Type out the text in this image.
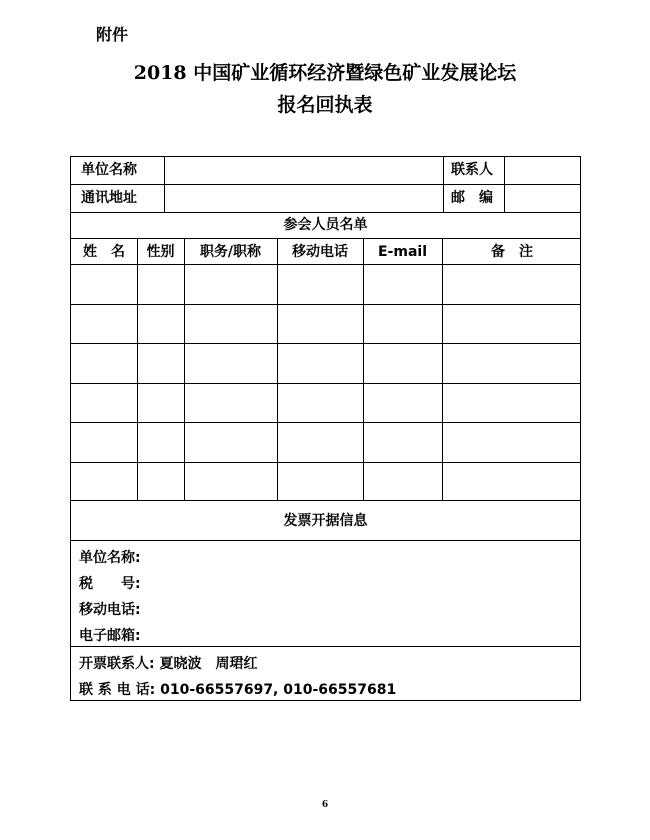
附件
2018 中国矿业循环经济暨绿色矿业发展论坛
报名回执表
单位名称	联系人
通讯地址	邮　编
参会人员名单
姓　名	性别	职务/职称	移动电话	E-mail	备　注
发票开据信息
单位名称:
税　　号:
移动电话:
电子邮箱:
开票联系人: 夏晓波　周珺红
联 系 电 话: 010-66557697, 010-66557681
6
